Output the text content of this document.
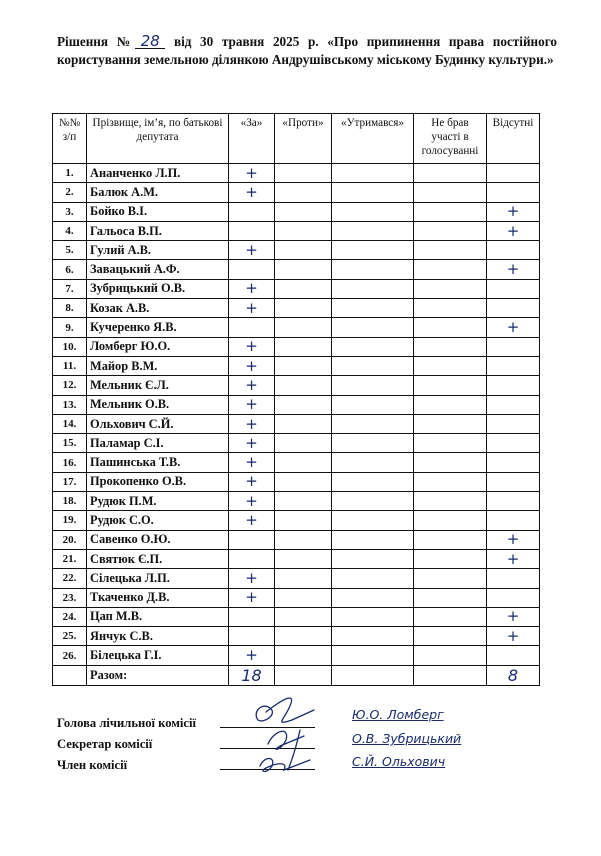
Рішення № 28 від 30 травня 2025 р. «Про припинення права постійного користування земельною ділянкою Андрушівському міському Будинку культури.»
№№ з/п	Прізвище, ім’я, по батькові депутата	«За»	«Проти»	«Утримався»	Не брав участі в голосуванні	Відсутні
1.	Ананченко Л.П.	+				
2.	Балюк А.М.	+				
3.	Бойко В.І.					+
4.	Гальоса В.П.					+
5.	Гулий А.В.	+				
6.	Завацький А.Ф.					+
7.	Зубрицький О.В.	+				
8.	Козак А.В.	+				
9.	Кучеренко Я.В.					+
10.	Ломберг Ю.О.	+				
11.	Майор В.М.	+				
12.	Мельник Є.Л.	+				
13.	Мельник О.В.	+				
14.	Ольхович С.Й.	+				
15.	Паламар С.І.	+				
16.	Пашинська Т.В.	+				
17.	Прокопенко О.В.	+				
18.	Рудюк П.М.	+				
19.	Рудюк С.О.	+				
20.	Савенко О.Ю.					+
21.	Святюк Є.П.					+
22.	Сілецька Л.П.	+				
23.	Ткаченко Д.В.	+				
24.	Цап М.В.					+
25.	Янчук С.В.					+
26.	Білецька Г.І.	+				
	Разом:	18				8
Голова лічильної комісії
Секретар комісії
Член комісії
Ю.О. Ломберг
О.В. Зубрицький
С.Й. Ольхович
